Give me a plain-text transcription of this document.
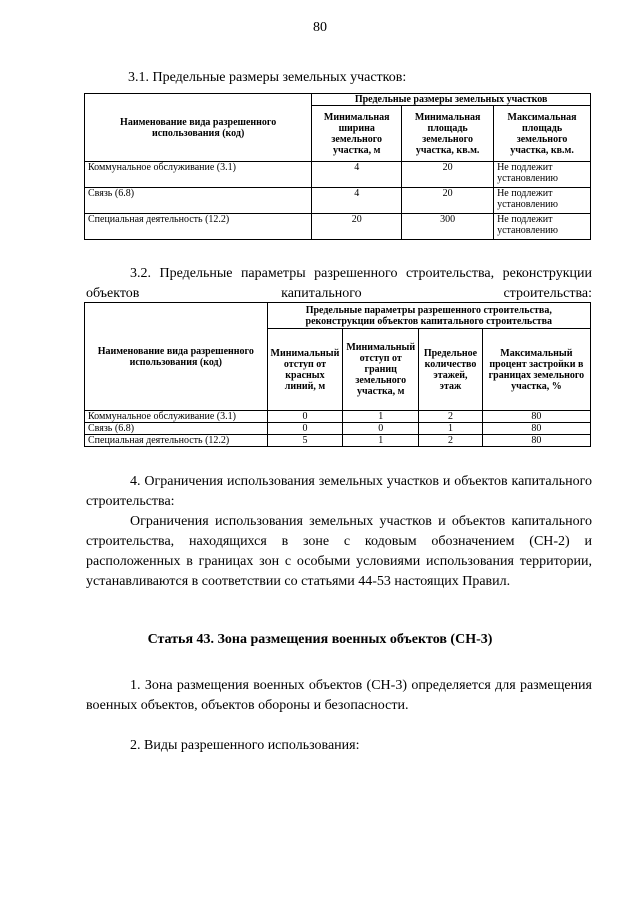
80
3.1. Предельные размеры земельных участков:
Наименование вида разрешенного использования (код)	Предельные размеры земельных участков		
	Минимальная ширина земельного участка, м	Минимальная площадь земельного участка, кв.м.	Максимальная площадь земельного участка, кв.м.
Коммунальное обслуживание (3.1)	4	20	Не подлежит установлению
Связь (6.8)	4	20	Не подлежит установлению
Специальная деятельность (12.2)	20	300	Не подлежит установлению
3.2. Предельные параметры разрешенного строительства, реконструкции объектов капитального строительства:
Наименование вида разрешенного использования (код)	Предельные параметры разрешенного строительства, реконструкции объектов капитального строительства			
	Минимальный отступ от красных линий, м	Минимальный отступ от границ земельного участка, м	Предельное количество этажей, этаж	Максимальный процент застройки в границах земельного участка, %
Коммунальное обслуживание (3.1)	0	1	2	80
Связь (6.8)	0	0	1	80
Специальная деятельность (12.2)	5	1	2	80
4. Ограничения использования земельных участков и объектов капитального строительства:
Ограничения использования земельных участков и объектов капитального строительства, находящихся в зоне с кодовым обозначением (СН-2) и расположенных в границах зон с особыми условиями использования территории, устанавливаются в соответствии со статьями 44-53 настоящих Правил.
Статья 43. Зона размещения военных объектов (СН-3)
1. Зона размещения военных объектов (СН-3) определяется для размещения военных объектов, объектов обороны и безопасности.
2. Виды разрешенного использования:
